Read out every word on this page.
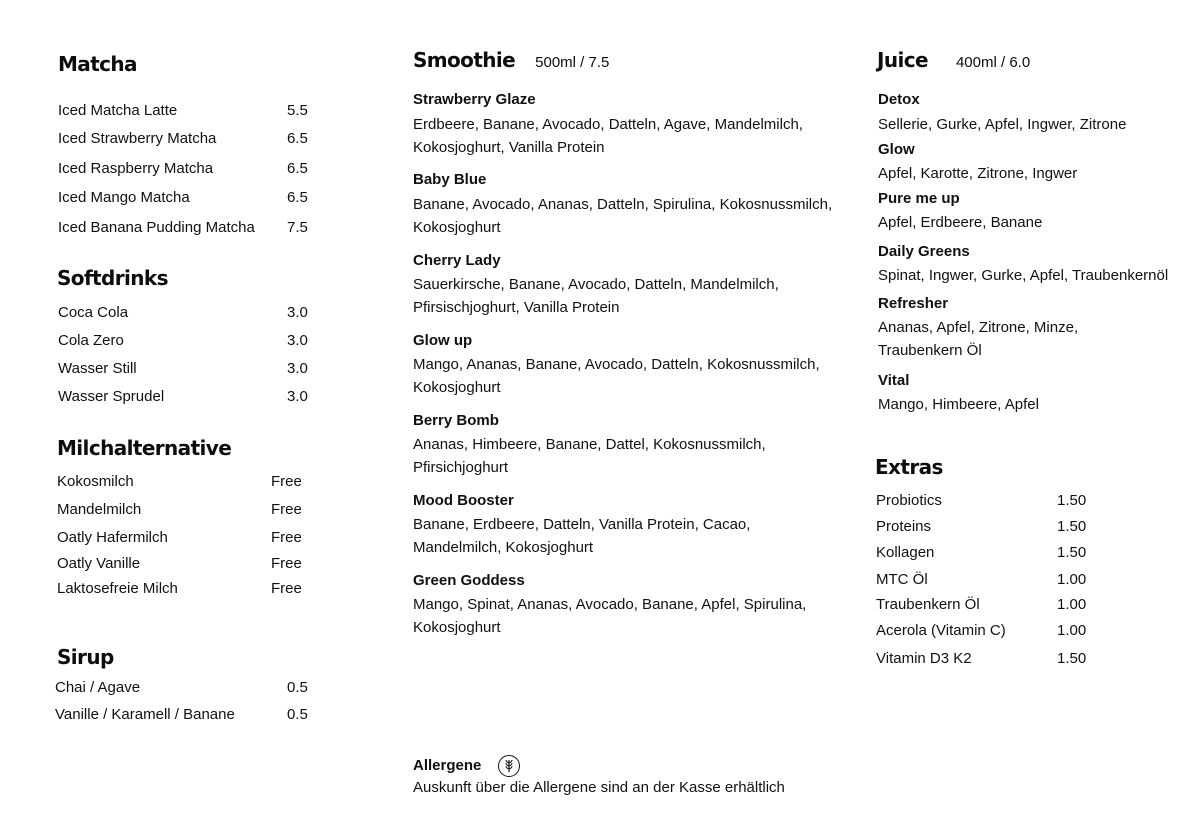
Matcha
Iced Matcha Latte	5.5
Iced Strawberry Matcha	6.5
Iced Raspberry Matcha	6.5
Iced Mango Matcha	6.5
Iced Banana Pudding Matcha 7.5
Softdrinks
Coca Cola	3.0
Cola Zero	3.0
Wasser Still	3.0
Wasser Sprudel	3.0
Milchalternative
Kokosmilch	Free
Mandelmilch	Free
Oatly Hafermilch	Free
Oatly Vanille	Free
Laktosefreie Milch	Free
Sirup
Chai / Agave	0.5
Vanille / Karamell / Banane	0.5
Smoothie 500ml / 7.5
Strawberry Glaze
Erdbeere, Banane, Avocado, Datteln, Agave, Mandelmilch,
Kokosjoghurt, Vanilla Protein
Baby Blue
Banane, Avocado, Ananas, Datteln, Spirulina, Kokosnussmilch,
Kokosjoghurt
Cherry Lady
Sauerkirsche, Banane, Avocado, Datteln, Mandelmilch,
Pfirsischjoghurt, Vanilla Protein
Glow up
Mango, Ananas, Banane, Avocado, Datteln, Kokosnussmilch,
Kokosjoghurt
Berry Bomb
Ananas, Himbeere, Banane, Dattel, Kokosnussmilch,
Pfirsichjoghurt
Mood Booster
Banane, Erdbeere, Datteln, Vanilla Protein, Cacao,
Mandelmilch, Kokosjoghurt
Green Goddess
Mango, Spinat, Ananas, Avocado, Banane, Apfel, Spirulina,
Kokosjoghurt
Juice 400ml / 6.0
Detox
Sellerie, Gurke, Apfel, Ingwer, Zitrone
Glow
Apfel, Karotte, Zitrone, Ingwer
Pure me up
Apfel, Erdbeere, Banane
Daily Greens
Spinat, Ingwer, Gurke, Apfel, Traubenkernöl
Refresher
Ananas, Apfel, Zitrone, Minze,
Traubenkern Öl
Vital
Mango, Himbeere, Apfel
Extras
Probiotics	1.50
Proteins	1.50
Kollagen	1.50
MTC Öl	1.00
Traubenkern Öl	1.00
Acerola (Vitamin C)	1.00
Vitamin D3 K2	1.50
Allergene
Auskunft über die Allergene sind an der Kasse erhältlich
